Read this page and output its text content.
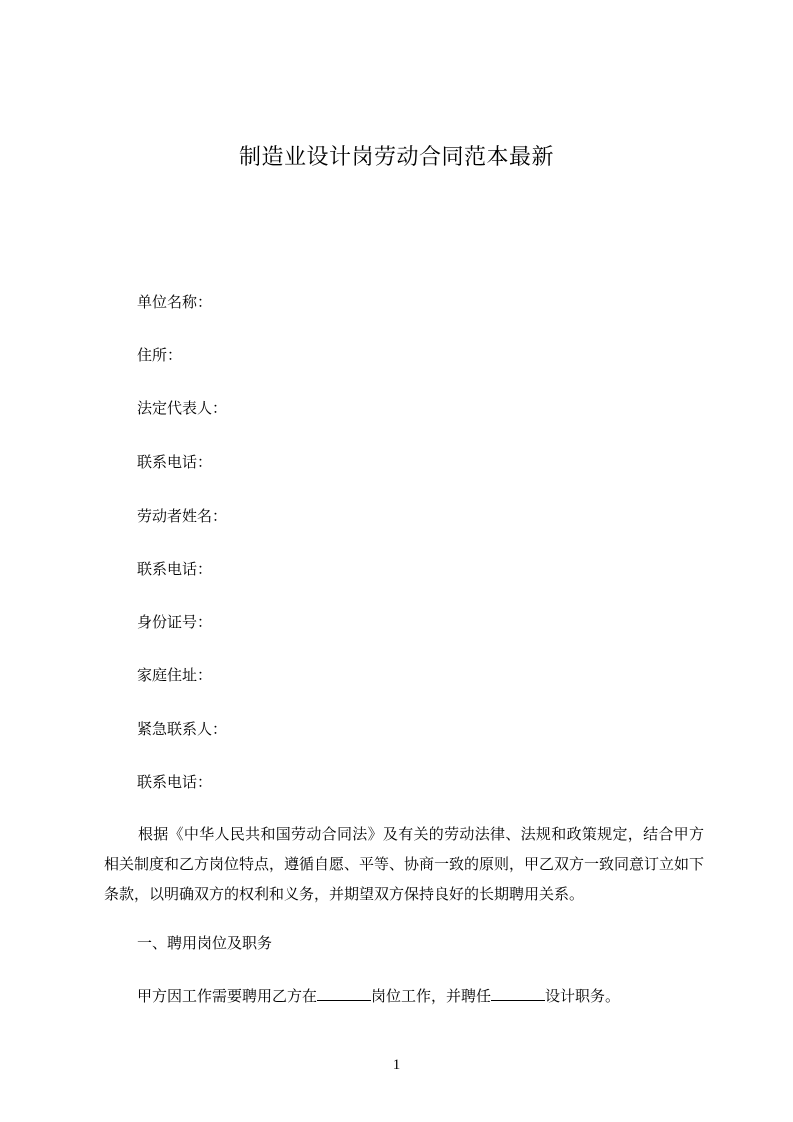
制造业设计岗劳动合同范本最新
单位名称：
住所：
法定代表人：
联系电话：
劳动者姓名：
联系电话：
身份证号：
家庭住址：
紧急联系人：
联系电话：

根据《中华人民共和国劳动合同法》及有关的劳动法律、法规和政策规定，结合甲方相关制度和乙方岗位特点，遵循自愿、平等、协商一致的原则，甲乙双方一致同意订立如下条款，以明确双方的权利和义务，并期望双方保持良好的长期聘用关系。

一、聘用岗位及职务
甲方因工作需要聘用乙方在	岗位工作，并聘任	设计职务。
1
